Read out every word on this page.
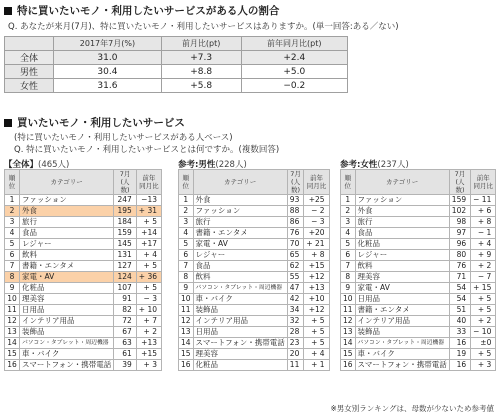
特に買いたいモノ・利用したいサービスがある人の割合
Q. あなたが来月(7月)、特に買いたいモノ・利用したいサービスはありますか。(単一回答:ある／ない)
	2017年7月(%)	前月比(pt)	前年同月比(pt)
全体	31.0	+7.3	+2.4
男性	30.4	+8.8	+5.0
女性	31.6	+5.8	−0.2
買いたいモノ・利用したいサービス
(特に買いたいモノ・利用したいサービスがある人ベース)
Q. 特に買いたいモノ・利用したいサービスとは何ですか。(複数回答)
【全体】(465人)	参考:男性(228人)	参考:女性(237人)
順位	カテゴリー	7月
(人数)	前年
同月比
1	ファッション	247	−13
2	外食	195	+ 31
3	旅行	184	+ 5
4	食品	159	+14
5	レジャー	145	+17
6	飲料	131	+ 4
7	書籍・エンタメ	127	+ 5
8	家電・AV	124	+ 36
9	化粧品	107	+ 5
10	理美容	91	− 3
11	日用品	82	+ 10
12	インテリア用品	72	+ 7
13	装飾品	67	+ 2
14	パソコン・タブレット・周辺機器	63	+13
15	車・バイク	61	+15
16	スマートフォン・携帯電話	39	+ 3
順位	カテゴリー	7月
(人数)	前年
同月比
1	外食	93	+25
2	ファッション	88	− 2
3	旅行	86	− 3
4	書籍・エンタメ	76	+20
5	家電・AV	70	+ 21
6	レジャー	65	+ 8
7	食品	62	+15
8	飲料	55	+12
9	パソコン・タブレット・周辺機器	47	+13
10	車・バイク	42	+10
11	装飾品	34	+12
12	インテリア用品	32	+ 5
13	日用品	28	+ 5
14	スマートフォン・携帯電話	23	+ 5
15	理美容	20	+ 4
16	化粧品	11	+ 1
順位	カテゴリー	7月
(人数)	前年
同月比
1	ファッション	159	− 11
2	外食	102	+ 6
3	旅行	98	+ 8
4	食品	97	− 1
5	化粧品	96	+ 4
6	レジャー	80	+ 9
7	飲料	76	+ 2
8	理美容	71	− 7
9	家電・AV	54	+ 15
10	日用品	54	+ 5
11	書籍・エンタメ	51	+ 5
12	インテリア用品	40	+ 2
13	装飾品	33	− 10
14	パソコン・タブレット・周辺機器	16	±0
15	車・バイク	19	+ 5
16	スマートフォン・携帯電話	16	+ 3
※男女別ランキングは、母数が少ないため参考値
